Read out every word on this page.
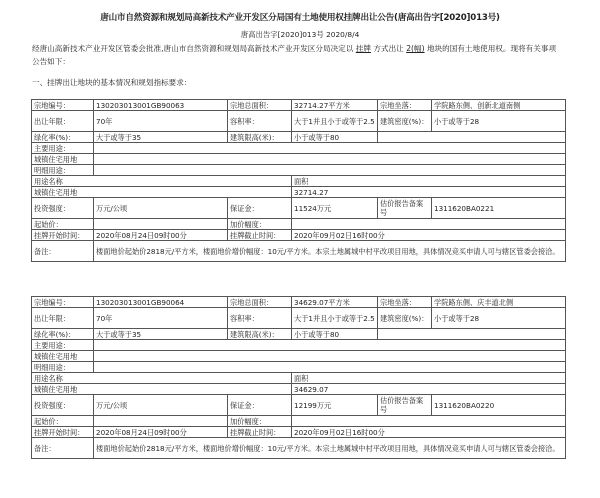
唐山市自然资源和规划局高新技术产业开发区分局国有土地使用权挂牌出让公告(唐高出告字[2020]013号)
唐高出告字[2020]013号 2020/8/4
经唐山高新技术产业开发区管委会批准,唐山市自然资源和规划局高新技术产业开发区分局决定以 挂牌 方式出让 2(幅) 地块的国有土地使用权。现将有关事项公告如下：
一、挂牌出让地块的基本情况和规划指标要求：
宗地编号：	130203013001GB90063	宗地总面积：	32714.27平方米	宗地坐落：	学院路东侧、创新北道南侧
出让年限：	70年	容积率：	大于1并且小于或等于2.5	建筑密度(%)：	小于或等于28
绿化率(%)：	大于或等于35	建筑限高(米)：	小于或等于80		
主要用途：					
城镇住宅用地					
明细用途：					
用途名称			面积		
城镇住宅用地			32714.27		
投资强度：	万元/公顷	保证金：	11524万元	估价报告备案号	1311620BA0221
起始价：		加价幅度：			
挂牌开始时间：	2020年08月24日09时00分	挂牌截止时间：	2020年09月02日16时00分		
备注：	楼面地价起始价2818元/平方米，楼面地价增价幅度：10元/平方米。本宗土地属城中村平改项目用地，具体情况竞买申请人可与辖区管委会接洽。				
宗地编号：	130203013001GB90064	宗地总面积：	34629.07平方米	宗地坐落：	学院路东侧、庆丰道北侧
出让年限：	70年	容积率：	大于1并且小于或等于2.5	建筑密度(%)：	小于或等于28
绿化率(%)：	大于或等于35	建筑限高(米)：	小于或等于80		
主要用途：					
城镇住宅用地					
明细用途：					
用途名称			面积		
城镇住宅用地			34629.07		
投资强度：	万元/公顷	保证金：	12199万元	估价报告备案号	1311620BA0220
起始价：		加价幅度：			
挂牌开始时间：	2020年08月24日09时00分	挂牌截止时间：	2020年09月02日16时00分		
备注：	楼面地价起始价2818元/平方米，楼面地价增价幅度：10元/平方米。本宗土地属城中村平改项目用地，具体情况竞买申请人可与辖区管委会接洽。				
